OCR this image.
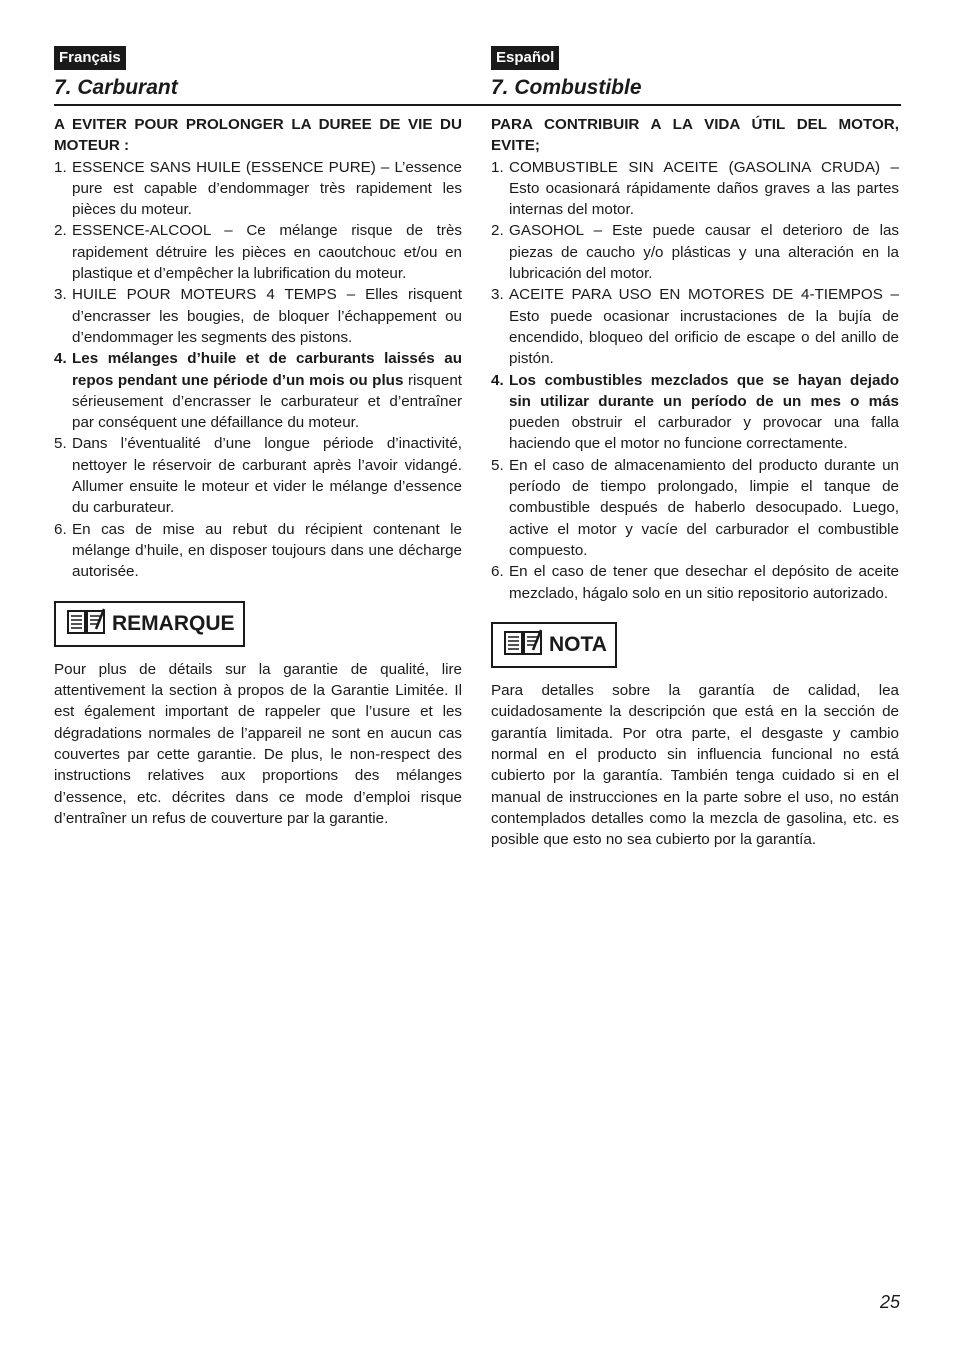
Français
7. Carburant
Español
7. Combustible
A EVITER POUR PROLONGER LA DUREE DE VIE DU MOTEUR :
1. ESSENCE SANS HUILE (ESSENCE PURE) – L’essence pure est capable d’endommager très rapidement les pièces du moteur.
2. ESSENCE-ALCOOL – Ce mélange risque de très rapidement détruire les pièces en caoutchouc et/ou en plastique et d’empêcher la lubrification du moteur.
3. HUILE POUR MOTEURS 4 TEMPS – Elles risquent d’encrasser les bougies, de bloquer l’échappement ou d’endommager les segments des pistons.
4. Les mélanges d’huile et de carburants laissés au repos pendant une période d’un mois ou plus risquent sérieusement d’encrasser le carburateur et d’entraîner par conséquent une défaillance du moteur.
5. Dans l’éventualité d’une longue période d’inactivité, nettoyer le réservoir de carburant après l’avoir vidangé. Allumer ensuite le moteur et vider le mélange d’essence du carburateur.
6. En cas de mise au rebut du récipient contenant le mélange d’huile, en disposer toujours dans une décharge autorisée.
REMARQUE
Pour plus de détails sur la garantie de qualité, lire attentivement la section à propos de la Garantie Limitée. Il est également important de rappeler que l’usure et les dégradations normales de l’appareil ne sont en aucun cas couvertes par cette garantie. De plus, le non-respect des instructions relatives aux proportions des mélanges d’essence, etc. décrites dans ce mode d’emploi risque d’entraîner un refus de couverture par la garantie.
PARA CONTRIBUIR A LA VIDA ÚTIL DEL MOTOR, EVITE;
1. COMBUSTIBLE SIN ACEITE (GASOLINA CRUDA) – Esto ocasionará rápidamente daños graves a las partes internas del motor.
2. GASOHOL – Este puede causar el deterioro de las piezas de caucho y/o plásticas y una alteración en la lubricación del motor.
3. ACEITE PARA USO EN MOTORES DE 4-TIEMPOS – Esto puede ocasionar incrustaciones de la bujía de encendido, bloqueo del orificio de escape o del anillo de pistón.
4. Los combustibles mezclados que se hayan dejado sin utilizar durante un período de un mes o más pueden obstruir el carburador y provocar una falla haciendo que el motor no funcione correctamente.
5. En el caso de almacenamiento del producto durante un período de tiempo prolongado, limpie el tanque de combustible después de haberlo desocupado. Luego, active el motor y vacíe del carburador el combustible compuesto.
6. En el caso de tener que desechar el depósito de aceite mezclado, hágalo solo en un sitio repositorio autorizado.
NOTA
Para detalles sobre la garantía de calidad, lea cuidadosamente la descripción que está en la sección de garantía limitada. Por otra parte, el desgaste y cambio normal en el producto sin influencia funcional no está cubierto por la garantía. También tenga cuidado si en el manual de instrucciones en la parte sobre el uso, no están contemplados detalles como la mezcla de gasolina, etc. es posible que esto no sea cubierto por la garantía.
25
